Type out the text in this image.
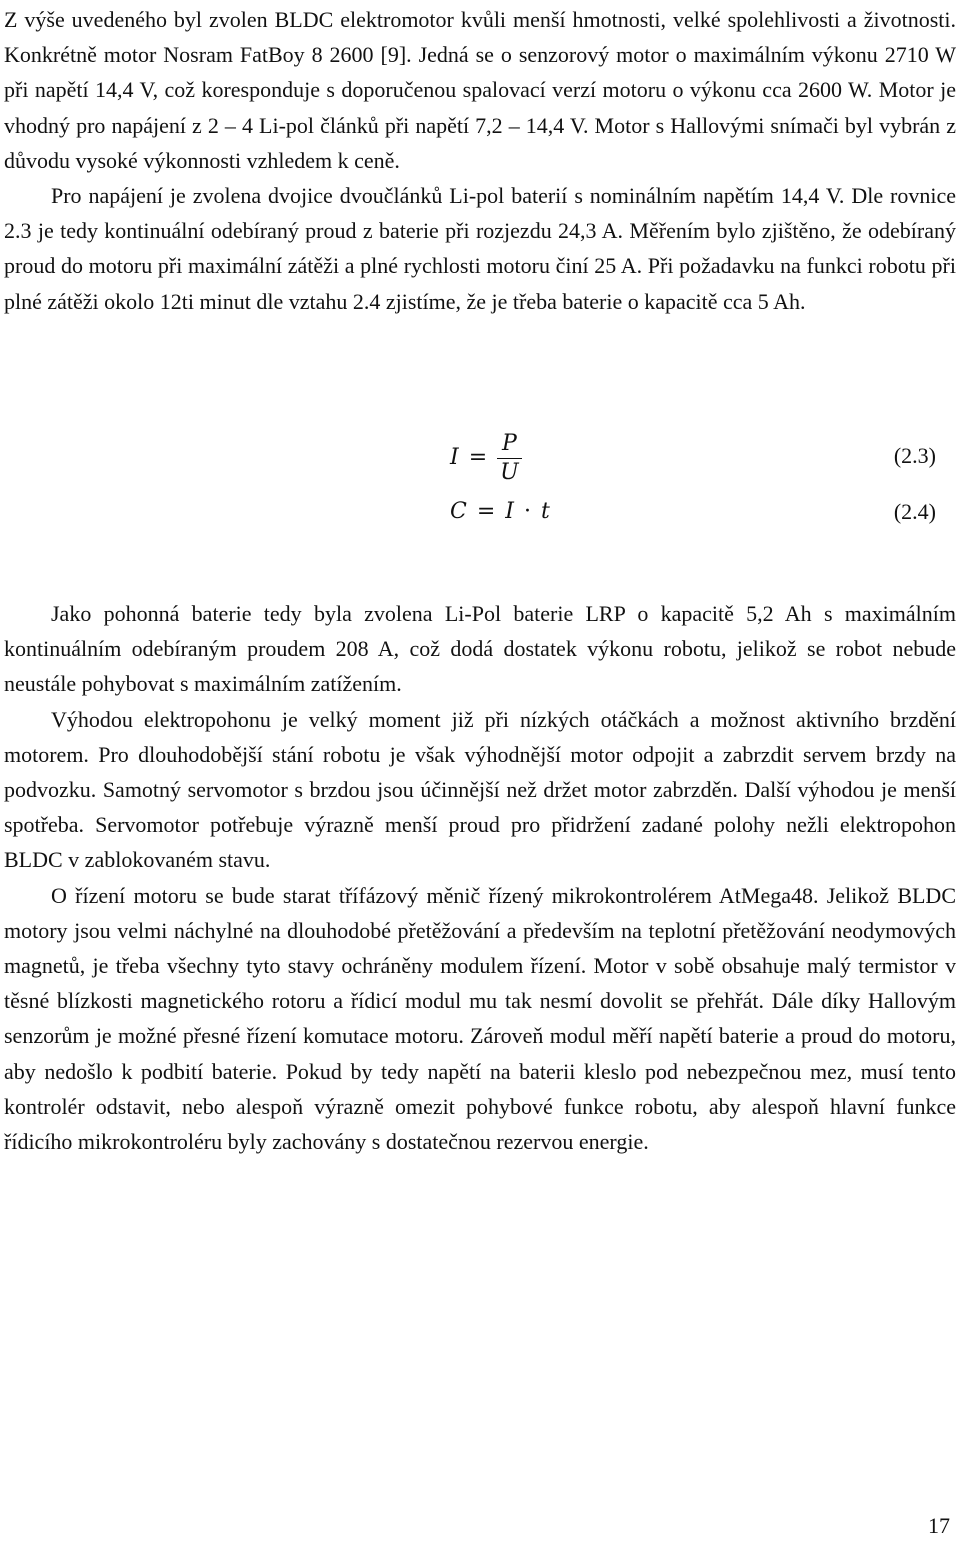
Z výše uvedeného byl zvolen BLDC elektromotor kvůli menší hmotnosti, velké spolehlivosti a životnosti. Konkrétně motor Nosram FatBoy 8 2600 [9]. Jedná se o senzorový motor o maximálním výkonu 2710 W při napětí 14,4 V, což koresponduje s doporučenou spalovací verzí motoru o výkonu cca 2600 W. Motor je vhodný pro napájení z 2 – 4 Li-pol článků při napětí 7,2 – 14,4 V. Motor s Hallovými snímači byl vybrán z důvodu vysoké výkonnosti vzhledem k ceně.

Pro napájení je zvolena dvojice dvoučlánků Li-pol baterií s nominálním napětím 14,4 V. Dle rovnice 2.3 je tedy kontinuální odebíraný proud z baterie při rozjezdu 24,3 A. Měřením bylo zjištěno, že odebíraný proud do motoru při maximální zátěži a plné rychlosti motoru činí 25 A. Při požadavku na funkci robotu při plné zátěži okolo 12ti minut dle vztahu 2.4 zjistíme, že je třeba baterie o kapacitě cca 5 Ah.

$I = \frac{P}{U}$	(2.3)
C = I · t	(2.4)

Jako pohonná baterie tedy byla zvolena Li-Pol baterie LRP o kapacitě 5,2 Ah s maximálním kontinuálním odebíraným proudem 208 A, což dodá dostatek výkonu robotu, jelikož se robot nebude neustále pohybovat s maximálním zatížením.

Výhodou elektropohonu je velký moment již při nízkých otáčkách a možnost aktivního brzdění motorem. Pro dlouhodobější stání robotu je však výhodnější motor odpojit a zabrzdit servem brzdy na podvozku. Samotný servomotor s brzdou jsou účinnější než držet motor zabrzděn. Další výhodou je menší spotřeba. Servomotor potřebuje výrazně menší proud pro přidržení zadané polohy nežli elektropohon BLDC v zablokovaném stavu.

O řízení motoru se bude starat třífázový měnič řízený mikrokontrolérem AtMega48. Jelikož BLDC motory jsou velmi náchylné na dlouhodobé přetěžování a především na teplotní přetěžování neodymových magnetů, je třeba všechny tyto stavy ochráněny modulem řízení. Motor v sobě obsahuje malý termistor v těsné blízkosti magnetického rotoru a řídicí modul mu tak nesmí dovolit se přehřát. Dále díky Hallovým senzorům je možné přesné řízení komutace motoru. Zároveň modul měří napětí baterie a proud do motoru, aby nedošlo k podbití baterie. Pokud by tedy napětí na baterii kleslo pod nebezpečnou mez, musí tento kontrolér odstavit, nebo alespoň výrazně omezit pohybové funkce robotu, aby alespoň hlavní funkce řídicího mikrokontroléru byly zachovány s dostatečnou rezervou energie.

17
